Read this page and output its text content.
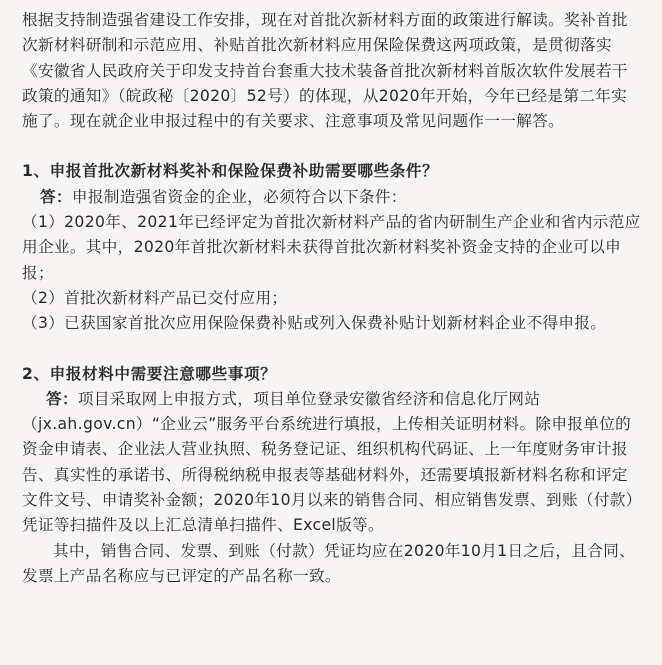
根据支持制造强省建设工作安排，现在对首批次新材料方面的政策进行解读。奖补首批次新材料研制和示范应用、补贴首批次新材料应用保险保费这两项政策，是贯彻落实《安徽省人民政府关于印发支持首台套重大技术装备首批次新材料首版次软件发展若干政策的通知》（皖政秘〔2020〕52号）的体现，从2020年开始，今年已经是第二年实施了。现在就企业申报过程中的有关要求、注意事项及常见问题作一一解答。

1、申报首批次新材料奖补和保险保费补助需要哪些条件？

答：申报制造强省资金的企业，必须符合以下条件：

（1）2020年、2021年已经评定为首批次新材料产品的省内研制生产企业和省内示范应用企业。其中，2020年首批次新材料未获得首批次新材料奖补资金支持的企业可以申报；

（2）首批次新材料产品已交付应用；

（3）已获国家首批次应用保险保费补贴或列入保费补贴计划新材料企业不得申报。

2、申报材料中需要注意哪些事项？

答：项目采取网上申报方式，项目单位登录安徽省经济和信息化厅网站（jx.ah.gov.cn）“企业云”服务平台系统进行填报，上传相关证明材料。除申报单位的资金申请表、企业法人营业执照、税务登记证、组织机构代码证、上一年度财务审计报告、真实性的承诺书、所得税纳税申报表等基础材料外，还需要填报新材料名称和评定文件文号、申请奖补金额；2020年10月以来的销售合同、相应销售发票、到账（付款）凭证等扫描件及以上汇总清单扫描件、Excel版等。

其中，销售合同、发票、到账（付款）凭证均应在2020年10月1日之后，且合同、发票上产品名称应与已评定的产品名称一致。
